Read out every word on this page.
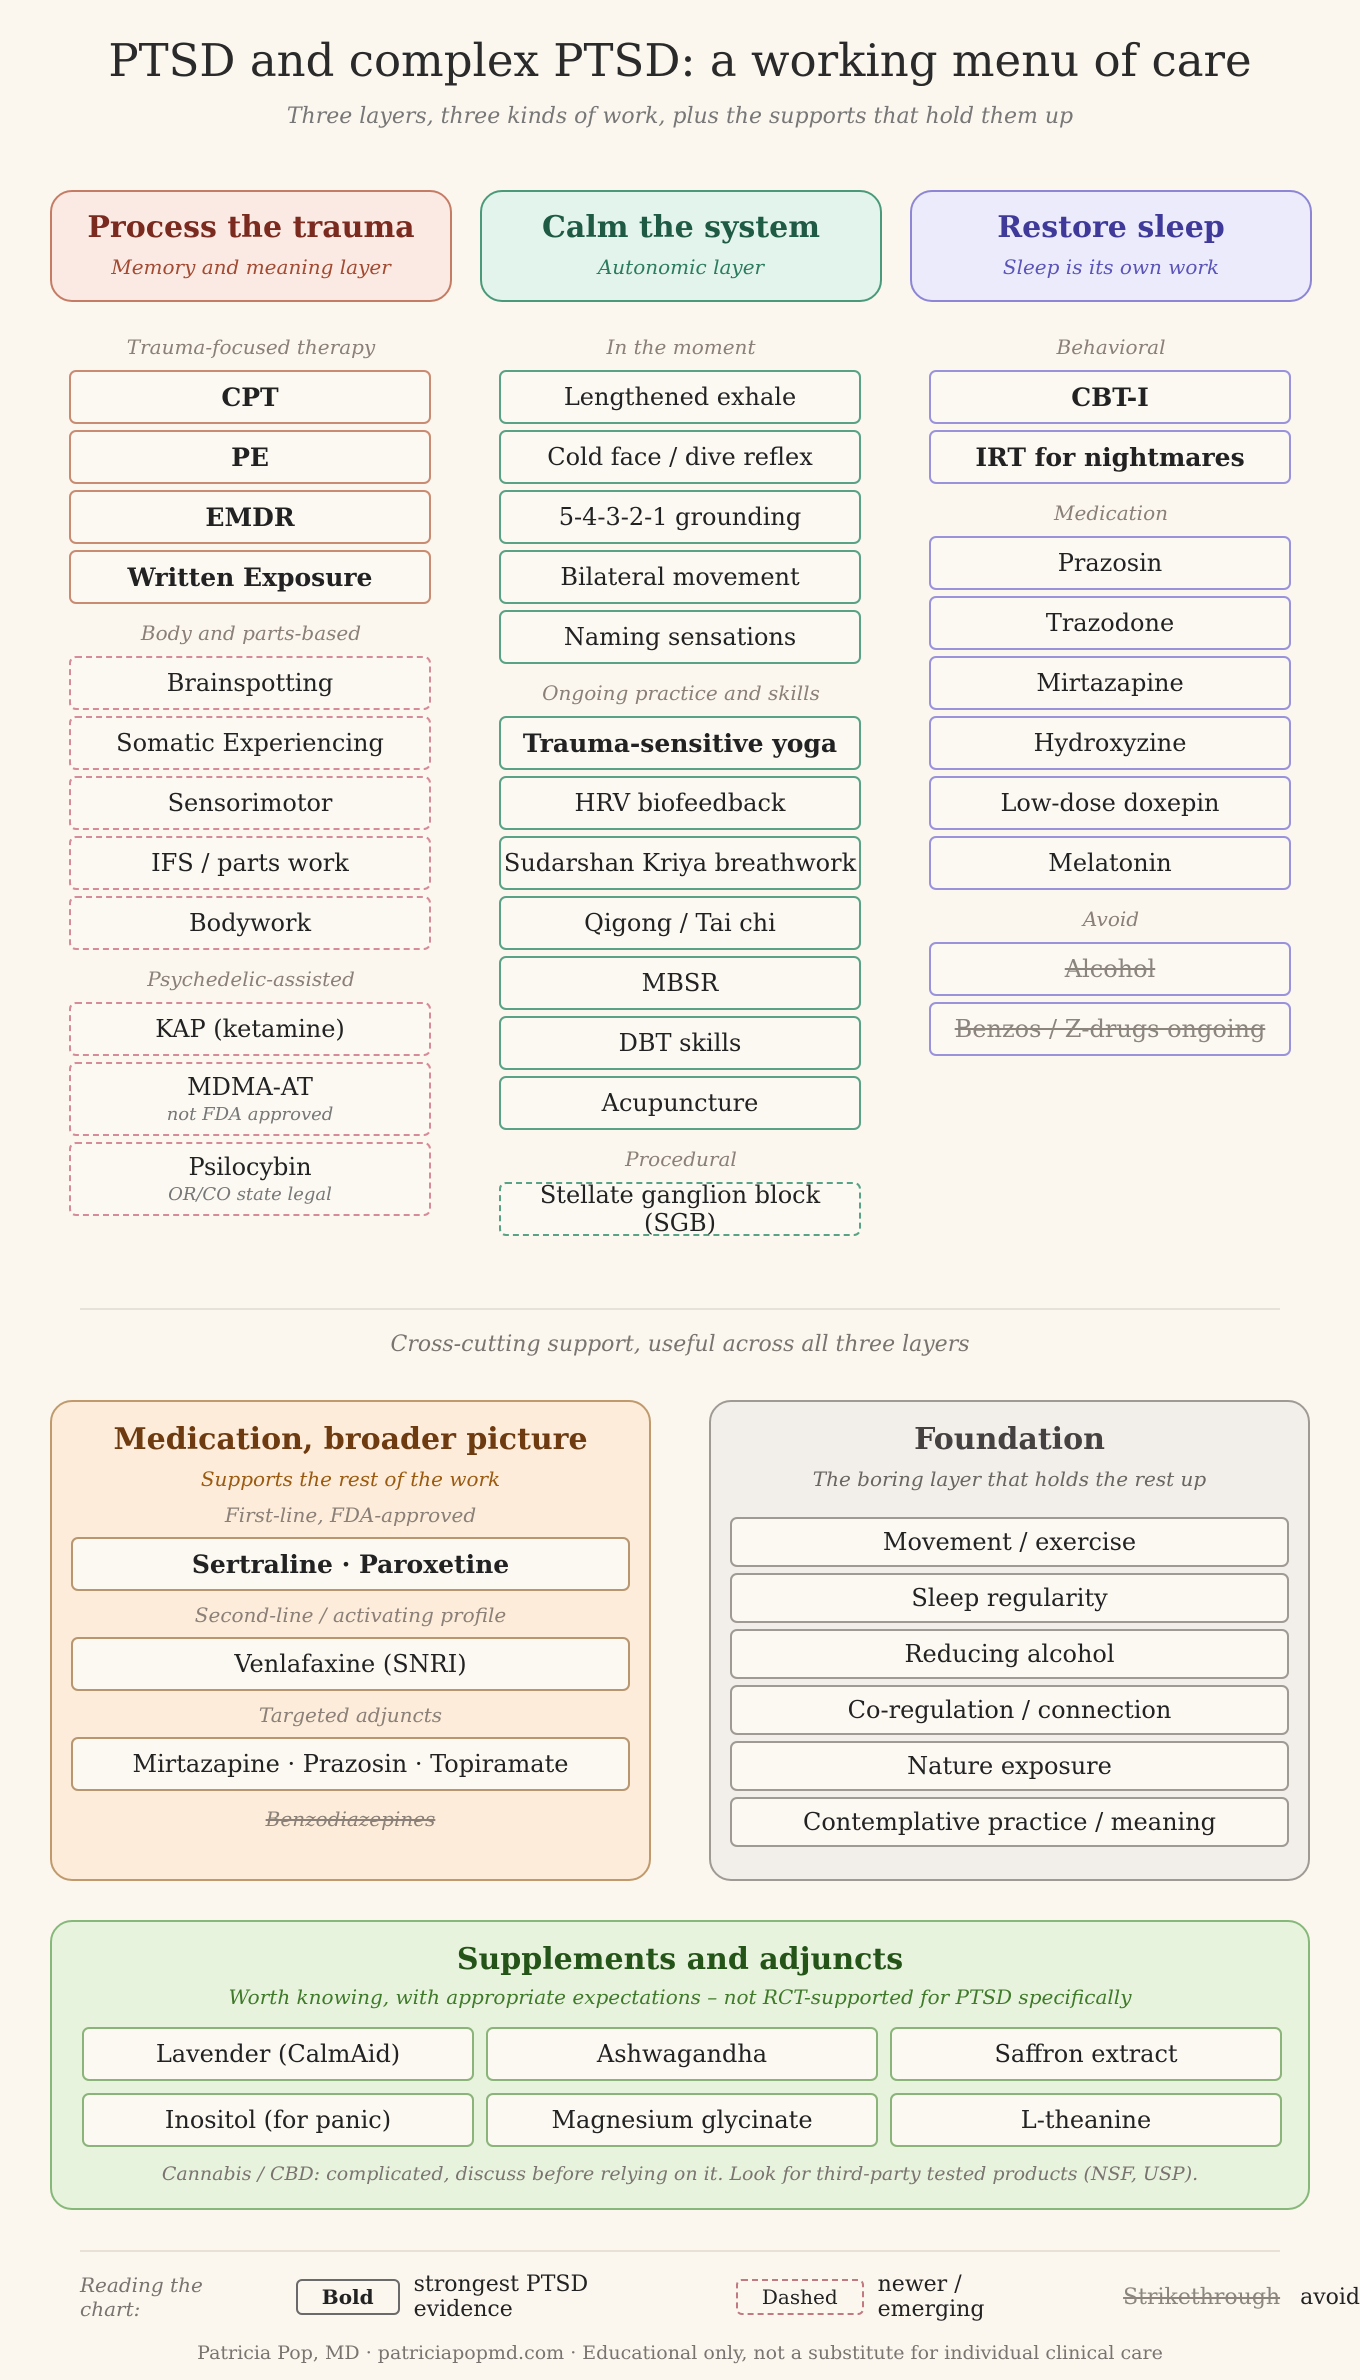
PTSD and complex PTSD: a working menu of care
Three layers, three kinds of work, plus the supports that hold them up
Process the trauma
Memory and meaning layer
Trauma-focused therapy
CPT
PE
EMDR
Written Exposure
Body and parts-based
Brainspotting
Somatic Experiencing
Sensorimotor
IFS / parts work
Bodywork
Psychedelic-assisted
KAP (ketamine)
MDMA-AT
not FDA approved
Psilocybin
OR/CO state legal
Calm the system
Autonomic layer
In the moment
Lengthened exhale
Cold face / dive reflex
5-4-3-2-1 grounding
Bilateral movement
Naming sensations
Ongoing practice and skills
Trauma-sensitive yoga
HRV biofeedback
Sudarshan Kriya breathwork
Qigong / Tai chi
MBSR
DBT skills
Acupuncture
Procedural
Stellate ganglion block (SGB)
Restore sleep
Sleep is its own work
Behavioral
CBT-I
IRT for nightmares
Medication
Prazosin
Trazodone
Mirtazapine
Hydroxyzine
Low-dose doxepin
Melatonin
Avoid
Alcohol
Benzos / Z-drugs ongoing
Cross-cutting support, useful across all three layers
Medication, broader picture
Supports the rest of the work
First-line, FDA-approved
Sertraline · Paroxetine
Second-line / activating profile
Venlafaxine (SNRI)
Targeted adjuncts
Mirtazapine · Prazosin · Topiramate
Benzodiazepines
Foundation
The boring layer that holds the rest up
Movement / exercise
Sleep regularity
Reducing alcohol
Co-regulation / connection
Nature exposure
Contemplative practice / meaning
Supplements and adjuncts
Worth knowing, with appropriate expectations – not RCT-supported for PTSD specifically
Lavender (CalmAid)	Ashwagandha	Saffron extract
Inositol (for panic)	Magnesium glycinate	L-theanine
Cannabis / CBD: complicated, discuss before relying on it. Look for third-party tested products (NSF, USP).
Reading the chart:	Bold	strongest PTSD evidence	Dashed	newer / emerging	Strikethrough avoid
Patricia Pop, MD · patriciapopmd.com · Educational only, not a substitute for individual clinical care
